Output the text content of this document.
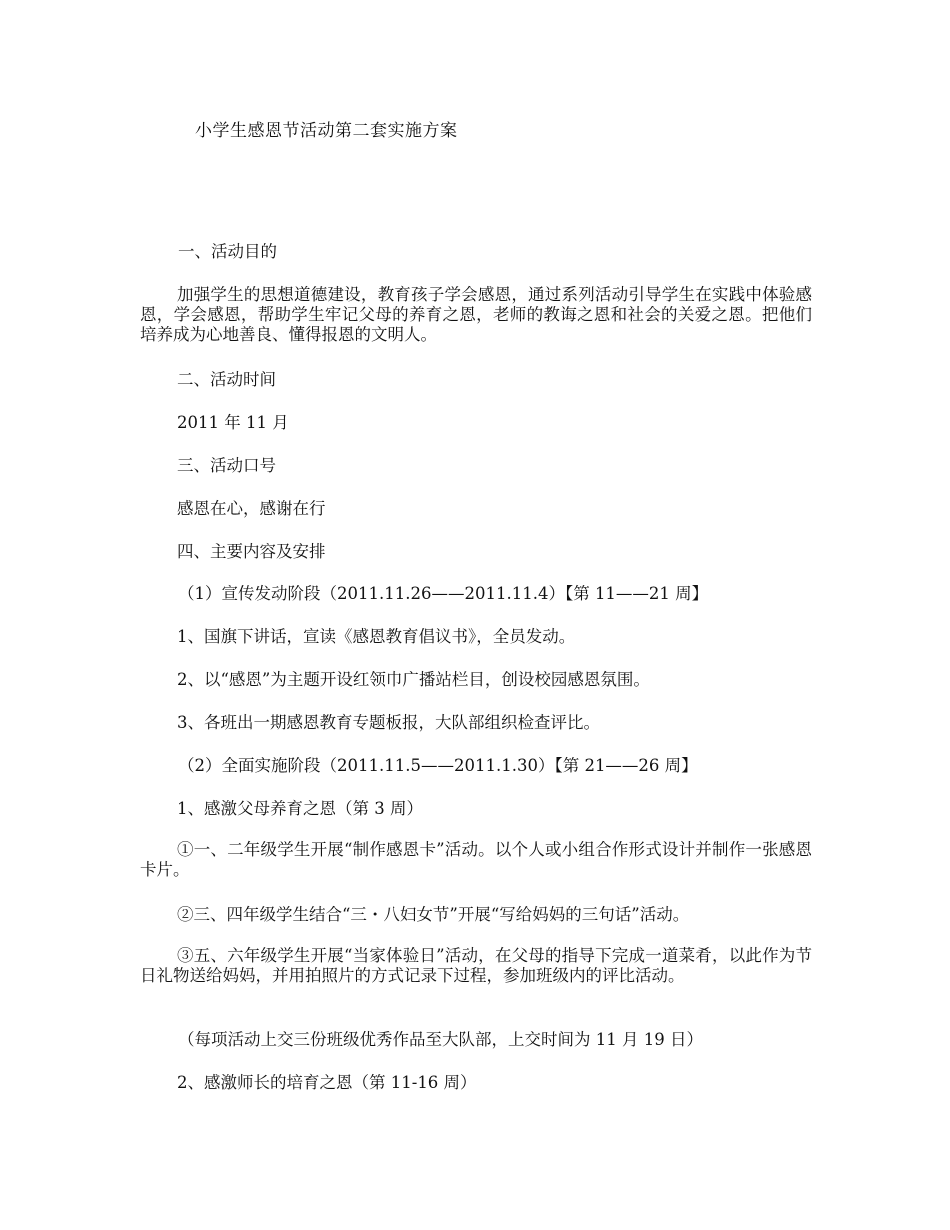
小学生感恩节活动第二套实施方案
一、活动目的
加强学生的思想道德建设，教育孩子学会感恩，通过系列活动引导学生在实践中体验感恩，学会感恩，帮助学生牢记父母的养育之恩，老师的教诲之恩和社会的关爱之恩。把他们培养成为心地善良、懂得报恩的文明人。
二、活动时间
2011 年 11 月
三、活动口号
感恩在心，感谢在行
四、主要内容及安排
（1）宣传发动阶段（2011.11.26——2011.11.4）【第 11——21 周】
1、国旗下讲话，宣读《感恩教育倡议书》，全员发动。
2、以“感恩”为主题开设红领巾广播站栏目，创设校园感恩氛围。
3、各班出一期感恩教育专题板报，大队部组织检查评比。
（2）全面实施阶段（2011.11.5——2011.1.30）【第 21——26 周】
1、感激父母养育之恩（第 3 周）
①一、二年级学生开展“制作感恩卡”活动。以个人或小组合作形式设计并制作一张感恩卡片。
②三、四年级学生结合“三・八妇女节”开展“写给妈妈的三句话”活动。
③五、六年级学生开展“当家体验日”活动，在父母的指导下完成一道菜肴，以此作为节日礼物送给妈妈，并用拍照片的方式记录下过程，参加班级内的评比活动。
（每项活动上交三份班级优秀作品至大队部，上交时间为 11 月 19 日）
2、感激师长的培育之恩（第 11-16 周）
